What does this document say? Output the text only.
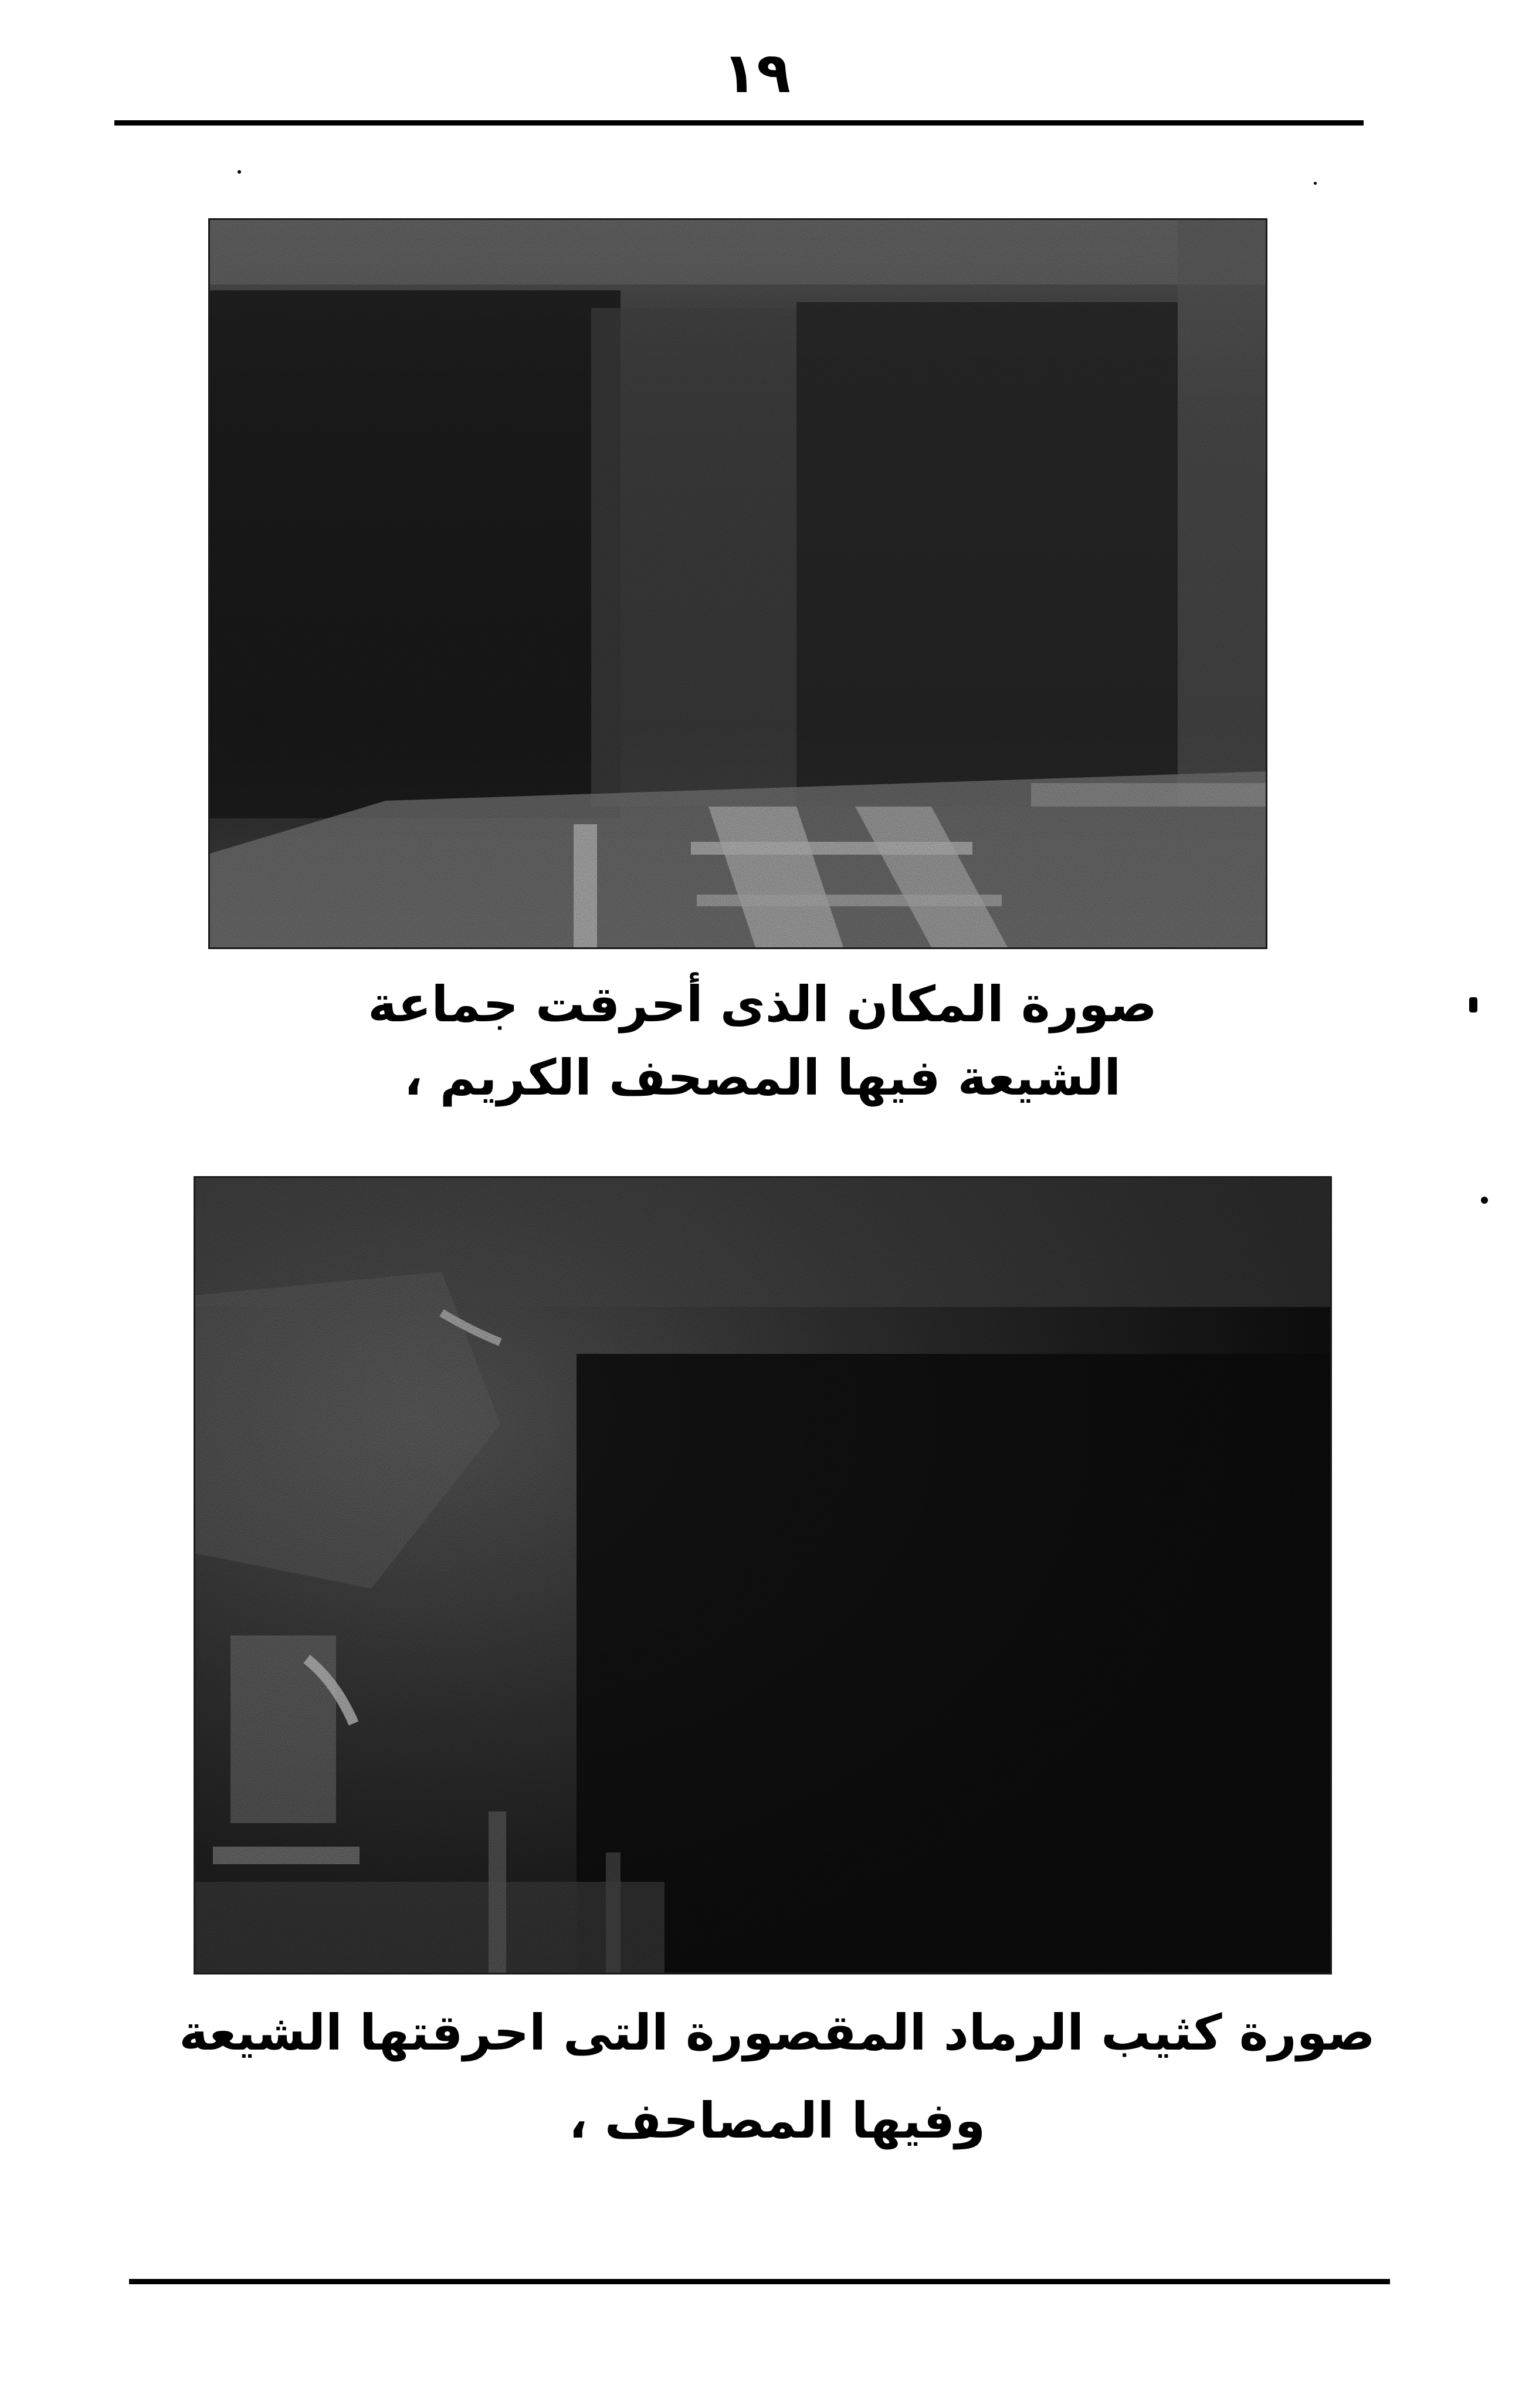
١٩
صورة المكان الذى أحرقت جماعة
الشيعة فيها المصحف الكريم ،
صورة كثيب الرماد المقصورة التى احرقتها الشيعة
وفيها المصاحف ،
